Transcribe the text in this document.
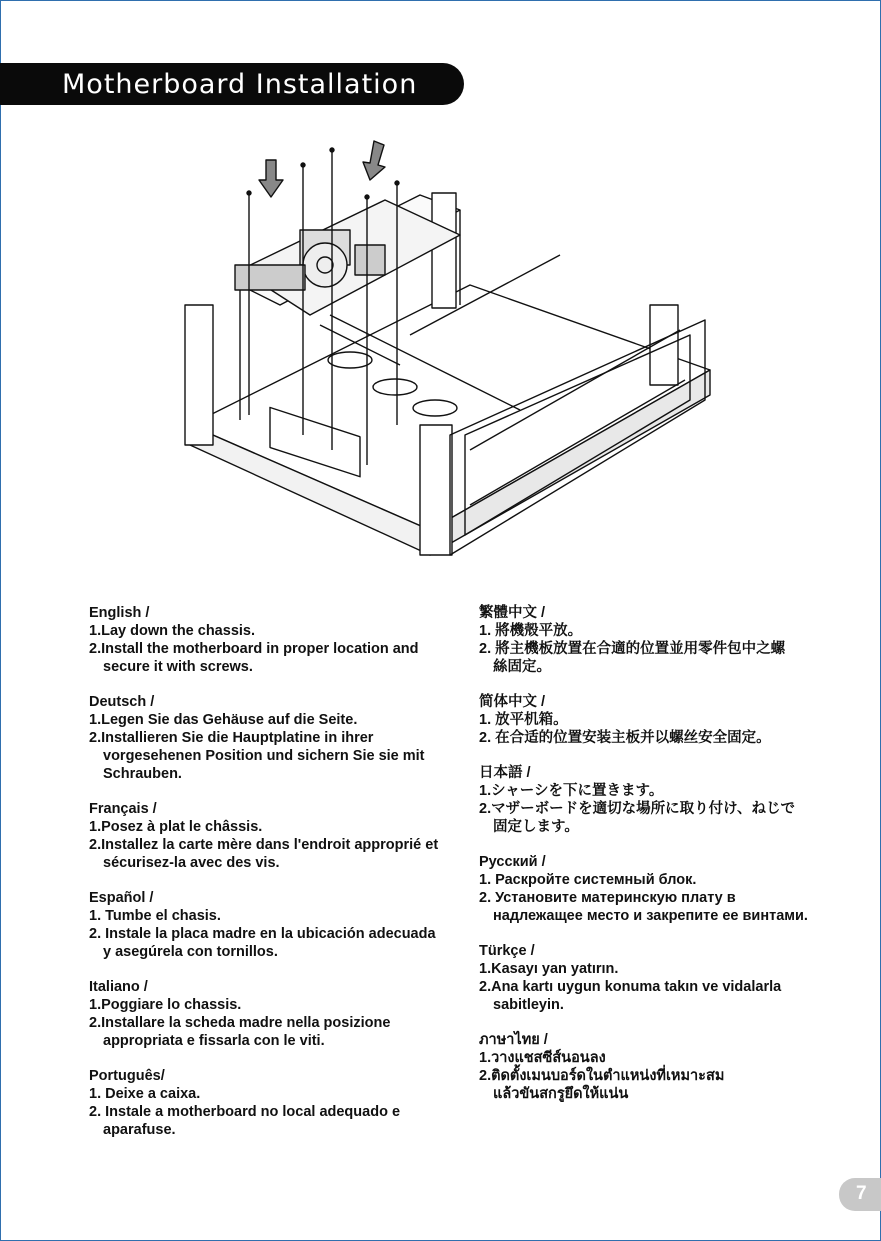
Motherboard Installation
English /
1.Lay down the chassis.
2.Install the motherboard in proper location and
secure it with screws.
Deutsch /
1.Legen Sie das Gehäuse auf die Seite.
2.Installieren Sie die Hauptplatine in ihrer
vorgesehenen Position und sichern Sie sie mit
Schrauben.
Français /
1.Posez à plat le châssis.
2.Installez la carte mère dans l'endroit approprié et
sécurisez-la avec des vis.
Español /
1. Tumbe el chasis.
2. Instale la placa madre en la ubicación adecuada
y asegúrela con tornillos.
Italiano /
1.Poggiare lo chassis.
2.Installare la scheda madre nella posizione
appropriata e fissarla con le viti.
Português/
1. Deixe a caixa.
2. Instale a motherboard no local adequado e
aparafuse.
繁體中文 /
1. 將機殼平放。
2. 將主機板放置在合適的位置並用零件包中之螺
絲固定。
简体中文 /
1. 放平机箱。
2. 在合适的位置安装主板并以螺丝安全固定。
日本語 /
1.シャーシを下に置きます。
2.マザーボードを適切な場所に取り付け、ねじで
固定します。
Русский /
1. Раскройте системный блок.
2. Установите материнскую плату в
надлежащее место и закрепите ее винтами.
Türkçe /
1.Kasayı yan yatırın.
2.Ana kartı uygun konuma takın ve vidalarla
sabitleyin.
ภาษาไทย /
1.วางแชสซีส์นอนลง
2.ติดตั้งเมนบอร์ดในตำแหน่งที่เหมาะสม
แล้วขันสกรูยึดให้แน่น
7
